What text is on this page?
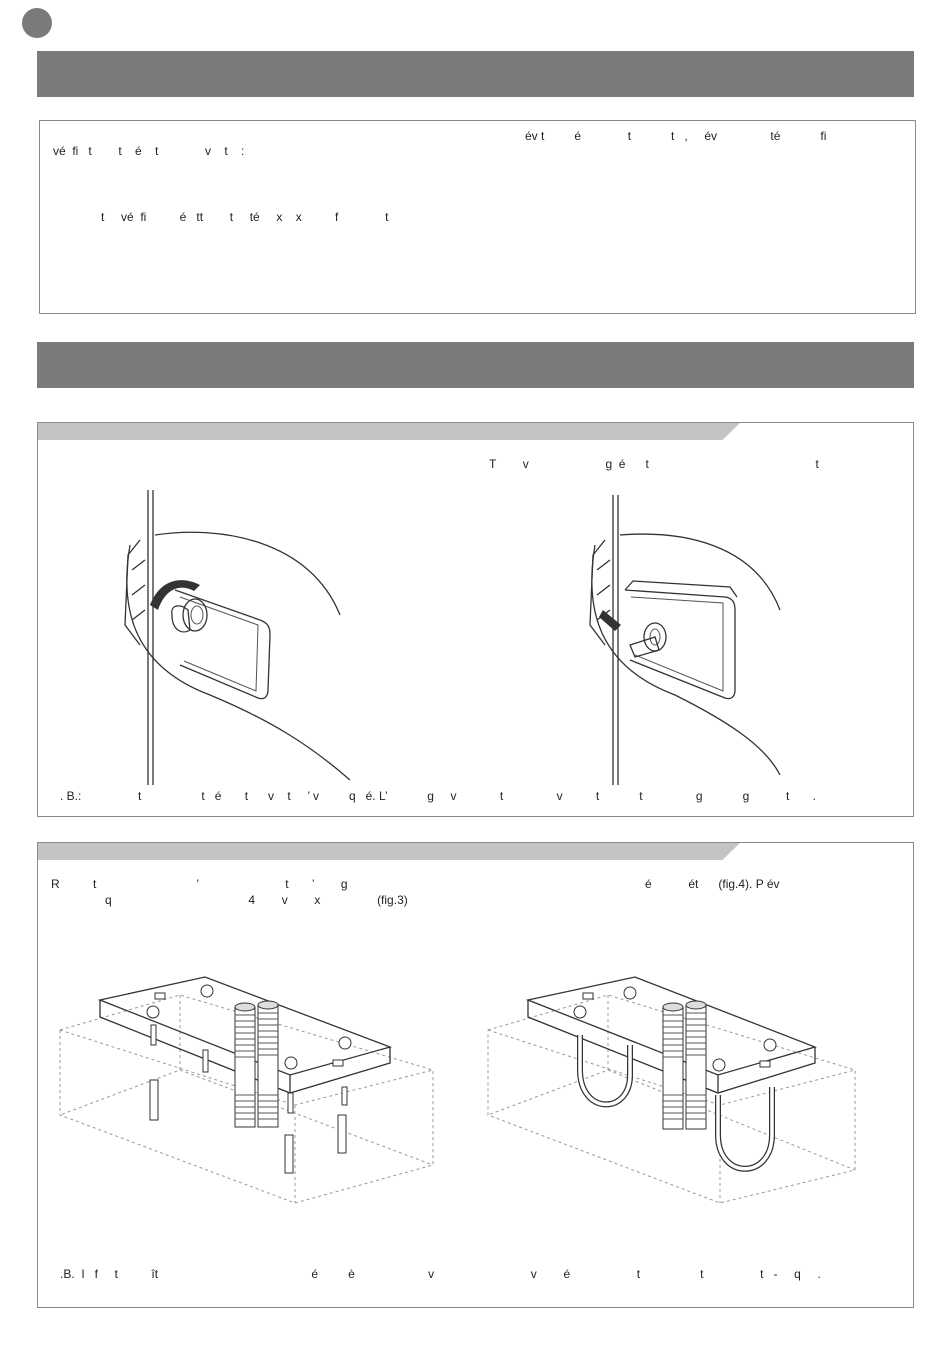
év t         é              t            t   ,     év                té            fi
vé  fi   t        t    é    t              v    t    :
t     vé  fi          é   tt        t     té     x    x          f              t
T        v                       g  é      t                                                  t
. B.:                 t                  t   é       t      v    t     ’ v         q   é. L’            g     v             t                v          t            t                g            g           t       .
R          t                              ’                          t       ’        g	é           ét      (fig.4). P év
q                                         4        v        x                 (fig.3)
.B.  I   f     t          ît                                              é         è                      v                             v        é                    t                  t                 t   -     q     .
